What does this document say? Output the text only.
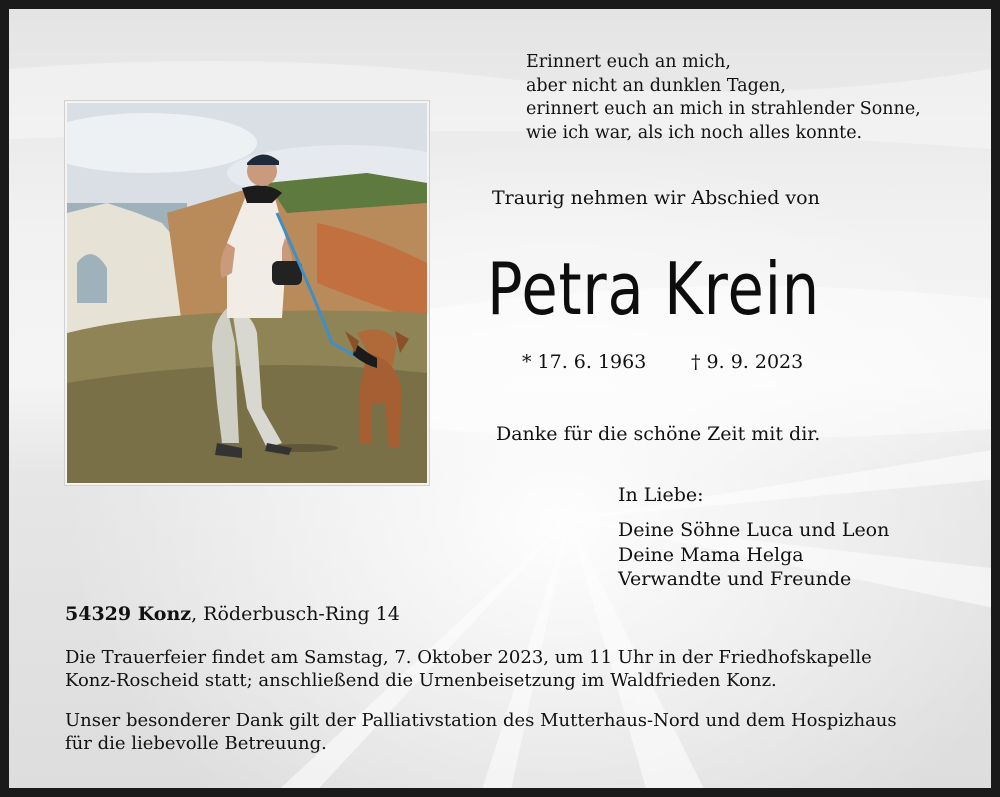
Erinnert euch an mich,
aber nicht an dunklen Tagen,
erinnert euch an mich in strahlender Sonne,
wie ich war, als ich noch alles konnte.
Traurig nehmen wir Abschied von
Petra Krein
* 17. 6. 1963 † 9. 9. 2023
Danke für die schöne Zeit mit dir.
In Liebe:
Deine Söhne Luca und Leon
Deine Mama Helga
Verwandte und Freunde
54329 Konz, Röderbusch-Ring 14
Die Trauerfeier findet am Samstag, 7. Oktober 2023, um 11 Uhr in der Friedhofskapelle
Konz-Roscheid statt; anschließend die Urnenbeisetzung im Waldfrieden Konz.
Unser besonderer Dank gilt der Palliativstation des Mutterhaus-Nord und dem Hospizhaus
für die liebevolle Betreuung.
